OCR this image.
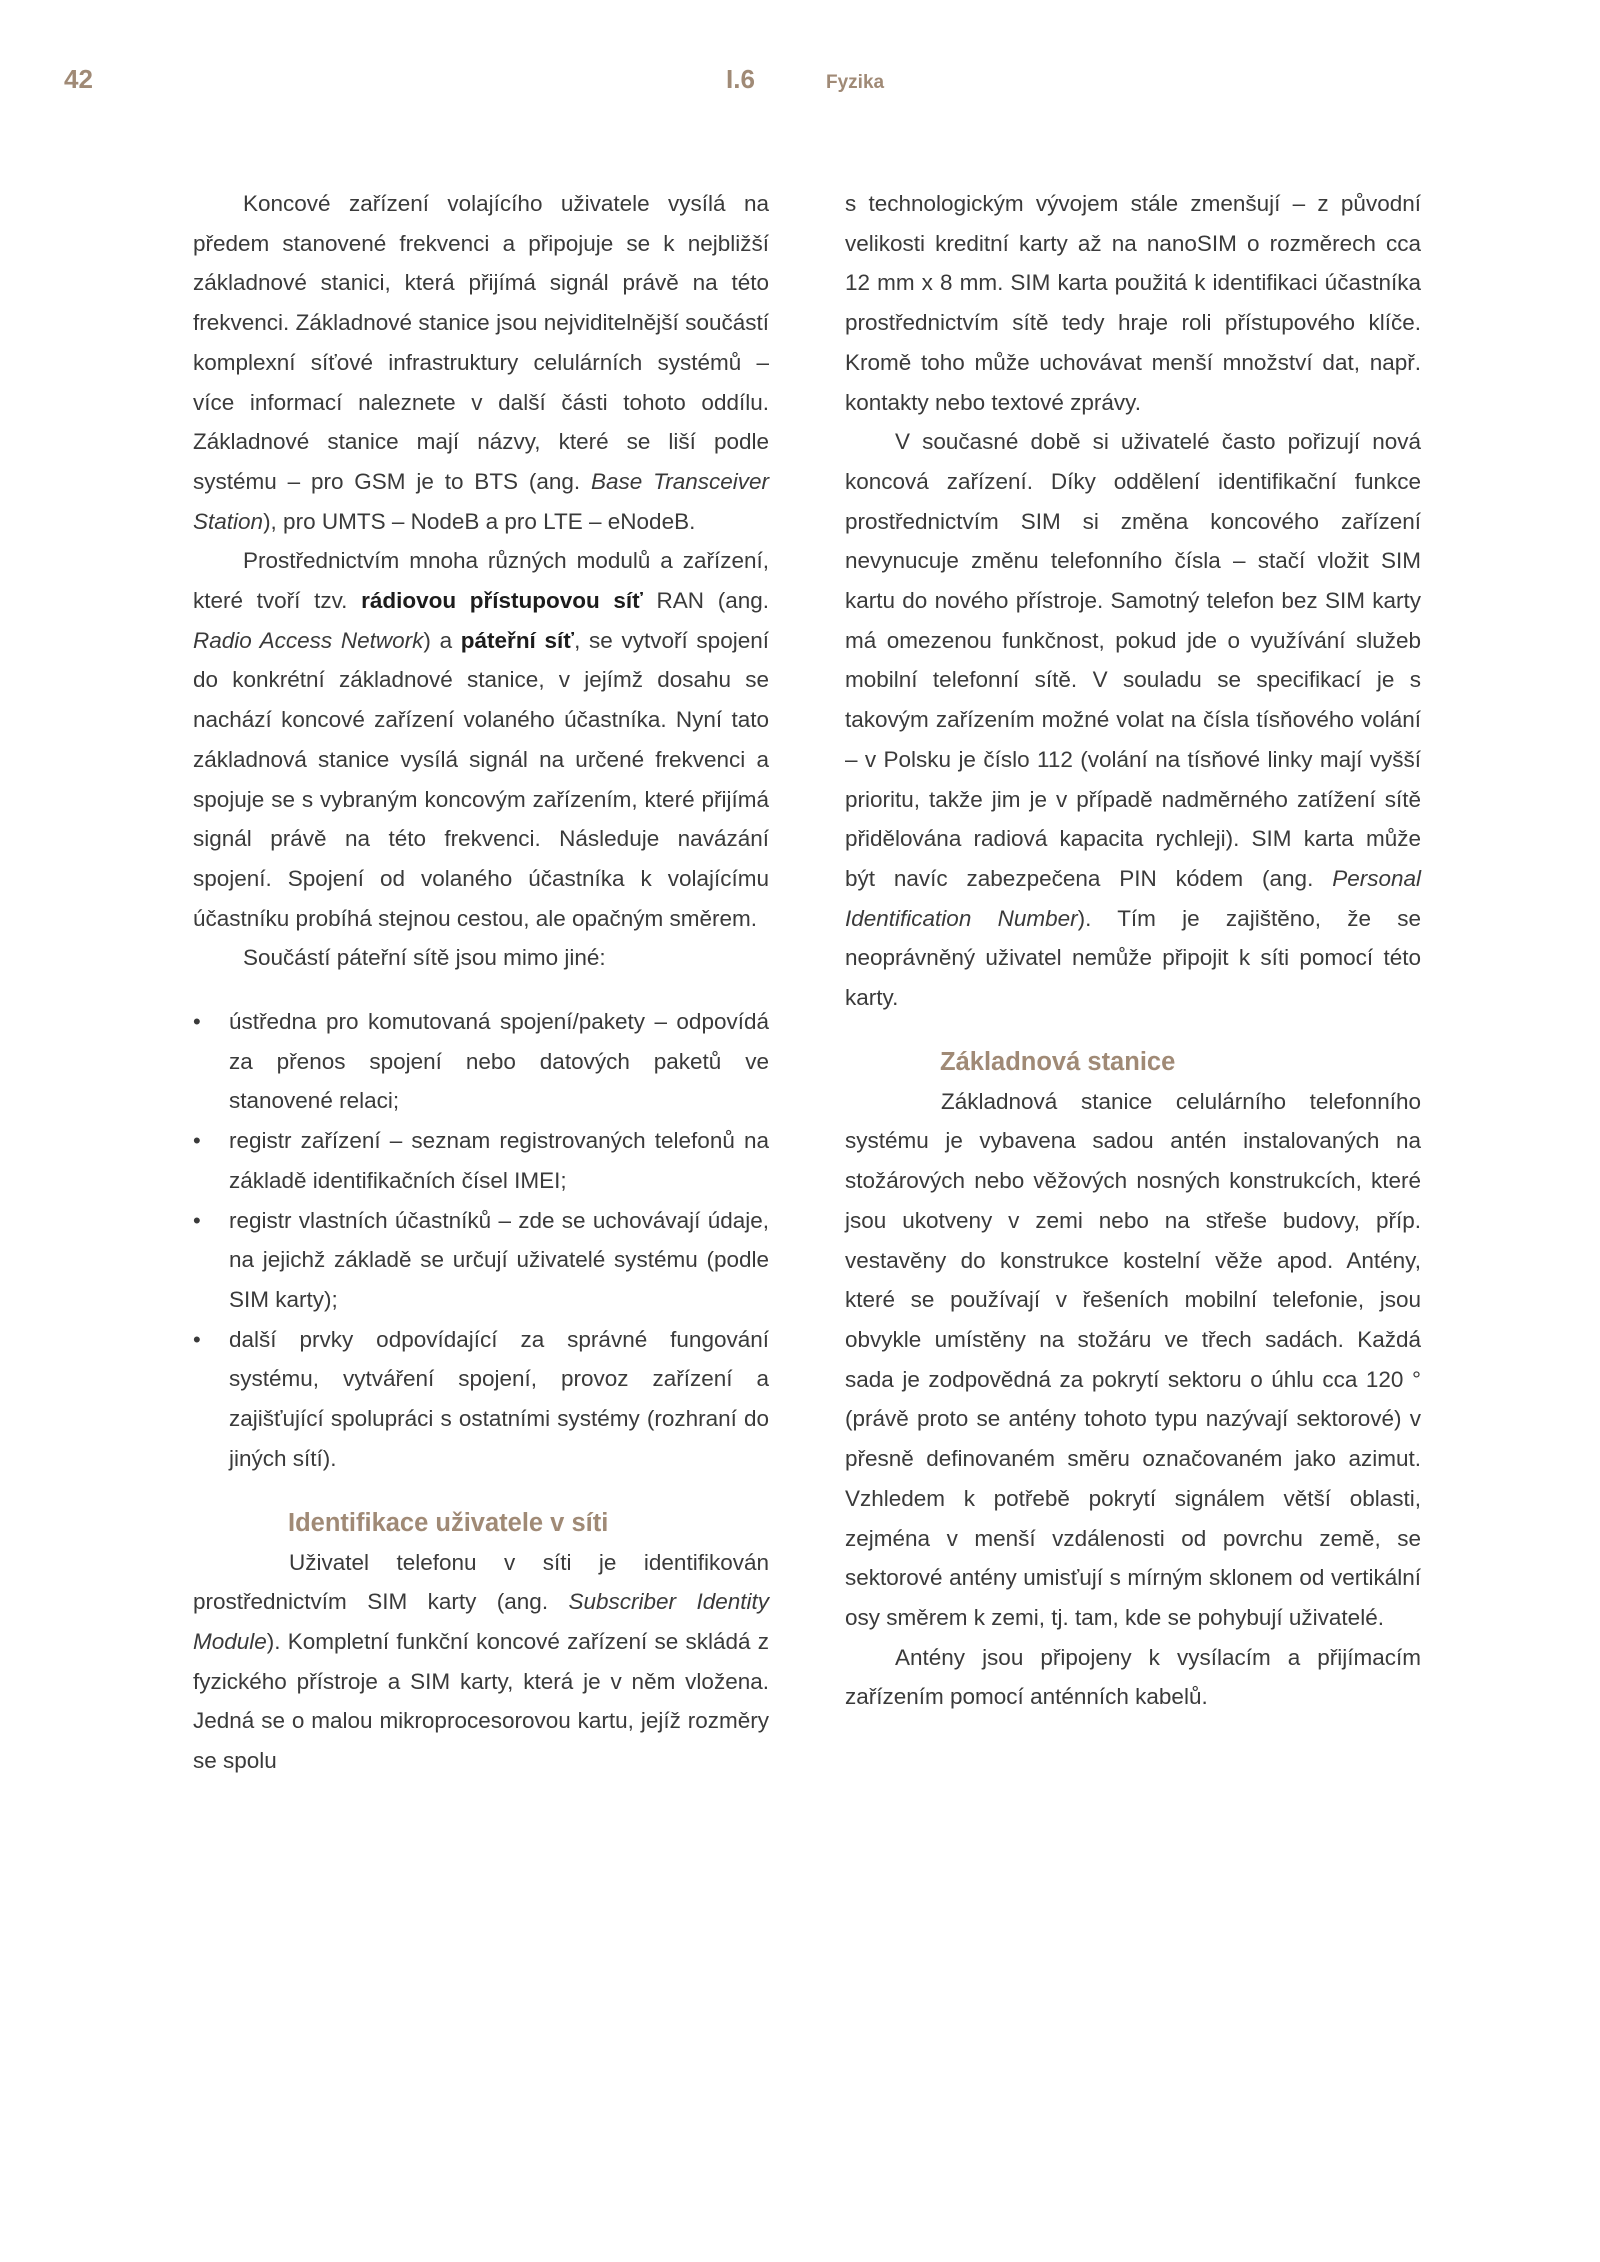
42	I.6	Fyzika

Koncové zařízení volajícího uživatele vysílá na předem stanovené frekvenci a připojuje se k nejbližší základnové stanici, která přijímá signál právě na této frekvenci. Základnové stanice jsou nejviditelnější součástí komplexní síťové infrastruktury celulárních systémů – více informací naleznete v další části tohoto oddílu. Základnové stanice mají názvy, které se liší podle systému – pro GSM je to BTS (ang. Base Transceiver Station), pro UMTS – NodeB a pro LTE – eNodeB.

Prostřednictvím mnoha různých modulů a zařízení, které tvoří tzv. rádiovou přístupovou síť RAN (ang. Radio Access Network) a páteřní síť, se vytvoří spojení do konkrétní základnové stanice, v jejímž dosahu se nachází koncové zařízení volaného účastníka. Nyní tato základnová stanice vysílá signál na určené frekvenci a spojuje se s vybraným koncovým zařízením, které přijímá signál právě na této frekvenci. Následuje navázání spojení. Spojení od volaného účastníka k volajícímu účastníku probíhá stejnou cestou, ale opačným směrem.

Součástí páteřní sítě jsou mimo jiné:

• ústředna pro komutovaná spojení/pakety – odpovídá za přenos spojení nebo datových paketů ve stanovené relaci;
• registr zařízení – seznam registrovaných telefonů na základě identifikačních čísel IMEI;
• registr vlastních účastníků – zde se uchovávají údaje, na jejichž základě se určují uživatelé systému (podle SIM karty);
• další prvky odpovídající za správné fungování systému, vytváření spojení, provoz zařízení a zajišťující spolupráci s ostatními systémy (rozhraní do jiných sítí).
Identifikace uživatele v síti

Uživatel telefonu v síti je identifikován prostřednictvím SIM karty (ang. Subscriber Identity Module). Kompletní funkční koncové zařízení se skládá z fyzického přístroje a SIM karty, která je v něm vložena. Jedná se o malou mikroprocesorovou kartu, jejíž rozměry se spolu

s technologickým vývojem stále zmenšují – z původní velikosti kreditní karty až na nanoSIM o rozměrech cca 12 mm x 8 mm. SIM karta použitá k identifikaci účastníka prostřednictvím sítě tedy hraje roli přístupového klíče. Kromě toho může uchovávat menší množství dat, např. kontakty nebo textové zprávy.

V současné době si uživatelé často pořizují nová koncová zařízení. Díky oddělení identifikační funkce prostřednictvím SIM si změna koncového zařízení nevynucuje změnu telefonního čísla – stačí vložit SIM kartu do nového přístroje. Samotný telefon bez SIM karty má omezenou funkčnost, pokud jde o využívání služeb mobilní telefonní sítě. V souladu se specifikací je s takovým zařízením možné volat na čísla tísňového volání – v Polsku je číslo 112 (volání na tísňové linky mají vyšší prioritu, takže jim je v případě nadměrného zatížení sítě přidělována radiová kapacita rychleji). SIM karta může být navíc zabezpečena PIN kódem (ang. Personal Identification Number). Tím je zajištěno, že se neoprávněný uživatel nemůže připojit k síti pomocí této karty.

Základnová stanice

Základnová stanice celulárního telefonního systému je vybavena sadou antén instalovaných na stožárových nebo věžových nosných konstrukcích, které jsou ukotveny v zemi nebo na střeše budovy, příp. vestavěny do konstrukce kostelní věže apod. Antény, které se používají v řešeních mobilní telefonie, jsou obvykle umístěny na stožáru ve třech sadách. Každá sada je zodpovědná za pokrytí sektoru o úhlu cca 120 ° (právě proto se antény tohoto typu nazývají sektorové) v přesně definovaném směru označovaném jako azimut. Vzhledem k potřebě pokrytí signálem větší oblasti, zejména v menší vzdálenosti od povrchu země, se sektorové antény umisťují s mírným sklonem od vertikální osy směrem k zemi, tj. tam, kde se pohybují uživatelé.

Antény jsou připojeny k vysílacím a přijímacím zařízením pomocí anténních kabelů.
